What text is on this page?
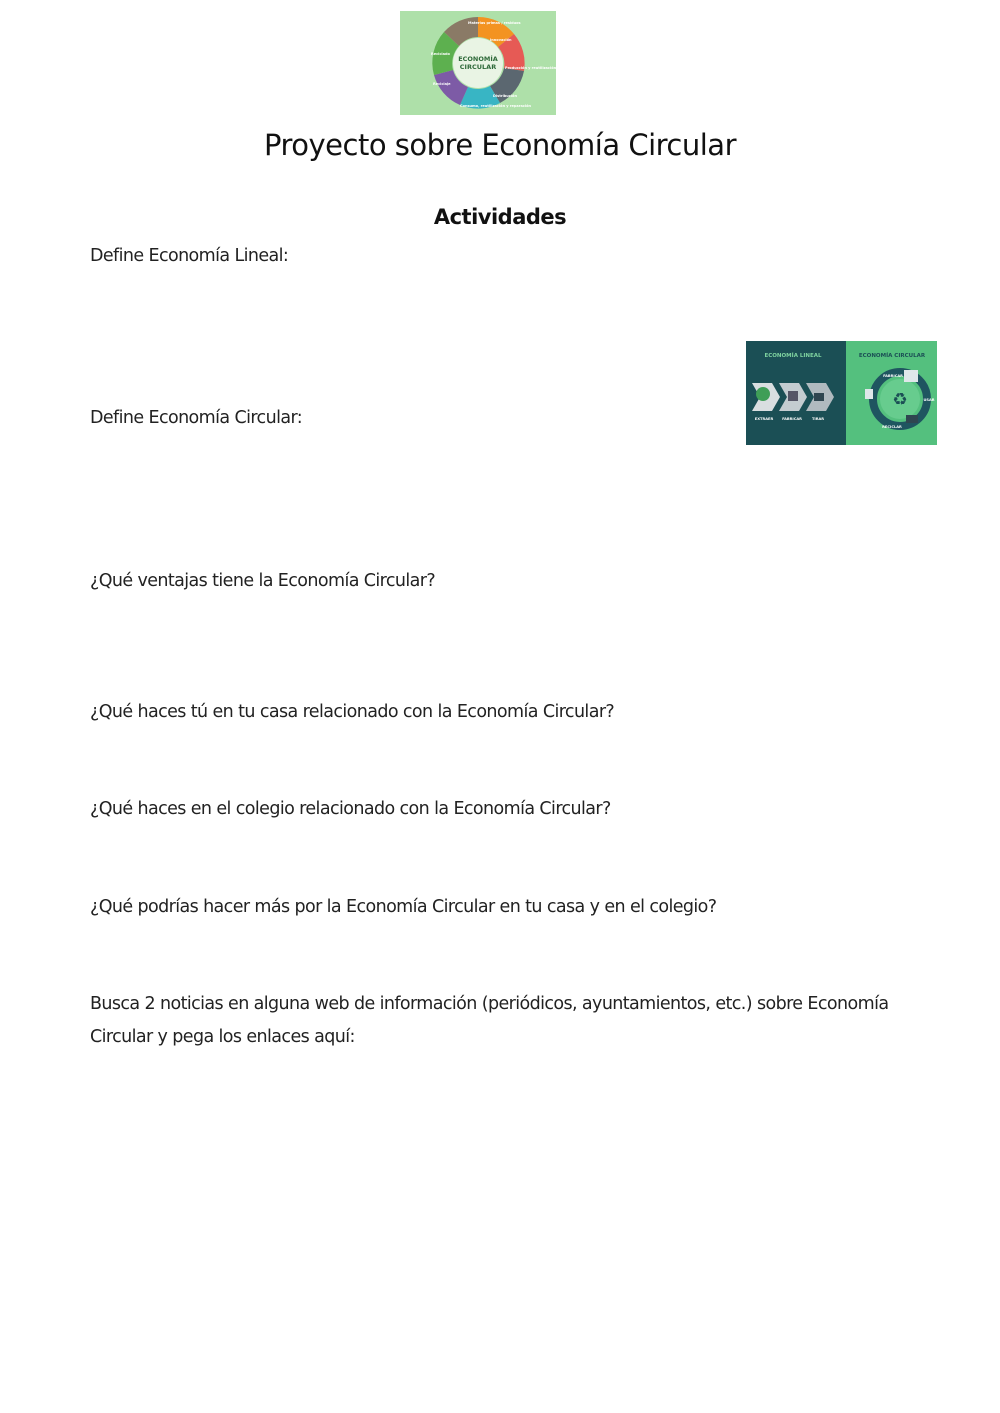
ECONOMÍA
CIRCULAR
Materias primas / residuos
Innovación
Producción y reutilización
Distribución
Consumo, reutilización y reparación
Reciclaje
Reciclado
Proyecto sobre Economía Circular
Actividades
Define Economía Lineal:
Define Economía Circular:
¿Qué ventajas tiene la Economía Circular?
¿Qué haces tú en tu casa relacionado con la Economía Circular?
¿Qué haces en el colegio relacionado con la Economía Circular?
¿Qué podrías hacer más por la Economía Circular en tu casa y en el colegio?
Busca 2 noticias en alguna web de información (periódicos, ayuntamientos, etc.) sobre Economía Circular y pega los enlaces aquí:
ECONOMÍA LINEAL	ECONOMÍA CIRCULAR
EXTRAER FABRICAR	TIRAR
♻
FABRICAR
USAR
RECICLAR
